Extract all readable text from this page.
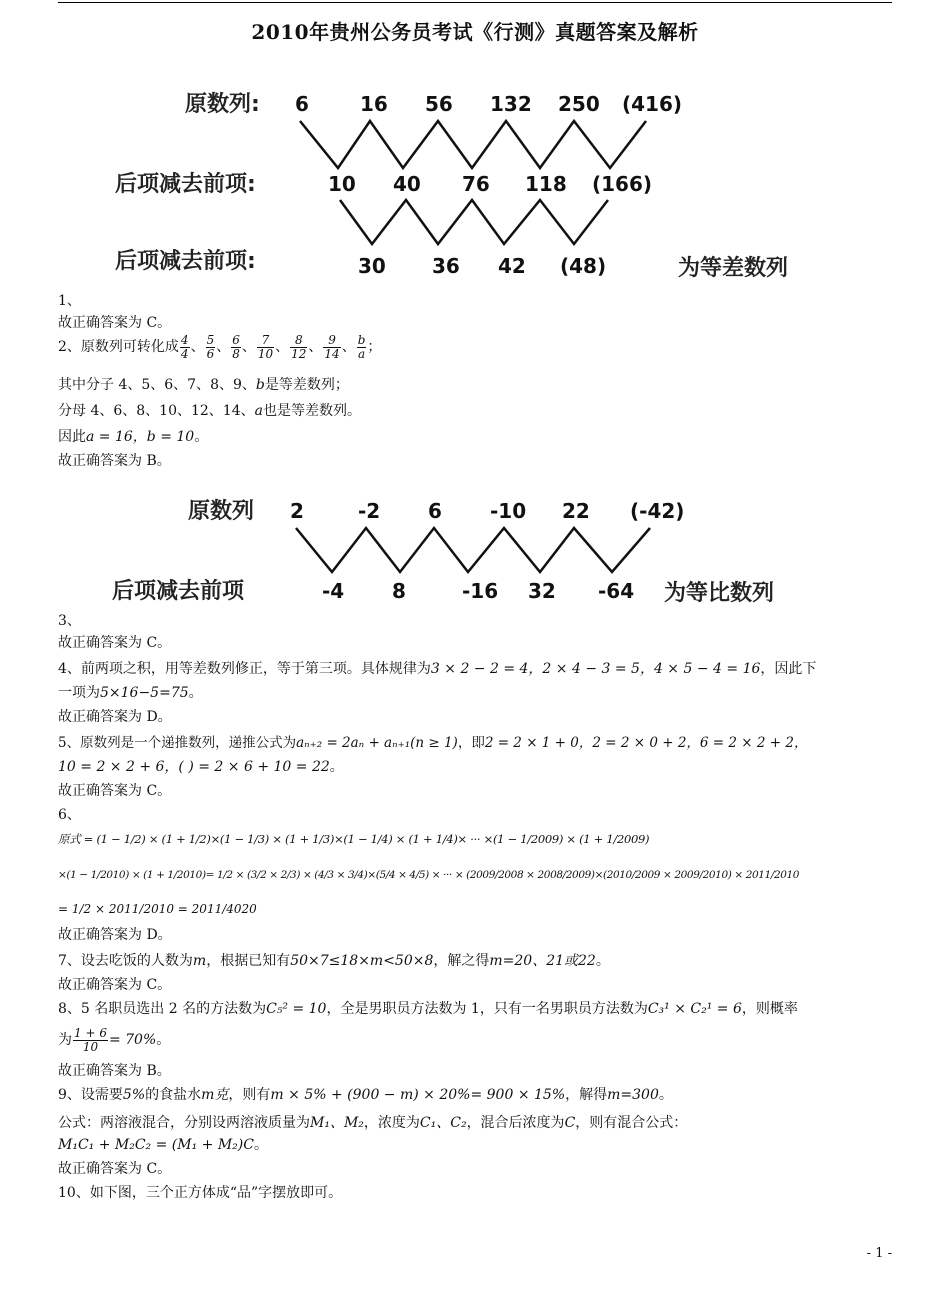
2010年贵州公务员考试《行测》真题答案及解析
原数列: 6	16 56 132 250 (416)
后项减去前项:	10 40 76 118 (166)
后项减去前项:	30 36 42 (48)	为等差数列
1、
故正确答案为 C。
2、原数列可转化成 $\frac{4}{4}$ 、 $\frac{5}{6}$ 、 $\frac{6}{8}$ 、 $\frac{7}{10}$ 、 $\frac{8}{12}$ 、 $\frac{9}{14}$ 、 $\frac{b}{a}$ ；
其中分子 4、5、6、7、8、9、b是等差数列；
分母 4、6、8、10、12、14、a也是等差数列。
因此a = 16，b = 10。
故正确答案为 B。
原数列 2	-2 6 -10 22 (-42)
后项减去前项	-4 8	-16 32 -64 为等比数列
3、
故正确答案为 C。
4、前两项之积，用等差数列修正，等于第三项。具体规律为3 × 2 − 2 = 4，2 × 4 − 3 = 5，4 × 5 − 4 = 16，因此下
一项为5×16−5=75。
故正确答案为 D。
5、原数列是一个递推数列，递推公式为aₙ₊₂ = 2aₙ + aₙ₊₁(n ≥ 1)，即2 = 2 × 1 + 0，2 = 2 × 0 + 2，6 = 2 × 2 + 2，
10 = 2 × 2 + 6，( ) = 2 × 6 + 10 = 22。
故正确答案为 C。
6、
原式 = (1 − 1/2) × (1 + 1/2)×(1 − 1/3) × (1 + 1/3)×(1 − 1/4) × (1 + 1/4)× ··· ×(1 − 1/2009) × (1 + 1/2009)
×(1 − 1/2010) × (1 + 1/2010)= 1/2 × (3/2 × 2/3) × (4/3 × 3/4)×(5/4 × 4/5) × ··· × (2009/2008 × 2008/2009)×(2010/2009 × 2009/2010) × 2011/2010
= 1/2 × 2011/2010 = 2011/4020
故正确答案为 D。
7、设去吃饭的人数为m，根据已知有50×7≤18×m<50×8，解之得m=20、21或22。
故正确答案为 C。
8、5 名职员选出 2 名的方法数为C₅² = 10，全是男职员方法数为 1，只有一名男职员方法数为C₃¹ × C₂¹ = 6，则概率
为 $\frac{1 + 6}{10} = 70\%$。
故正确答案为 B。
9、设需要5%的食盐水m克，则有m × 5% + (900 − m) × 20%= 900 × 15%，解得m=300。
公式：两溶液混合，分别设两溶液质量为M₁、M₂，浓度为C₁、C₂，混合后浓度为C，则有混合公式：
M₁C₁ + M₂C₂ = (M₁ + M₂)C。
故正确答案为 C。
10、如下图，三个正方体成“品”字摆放即可。
- 1 -
